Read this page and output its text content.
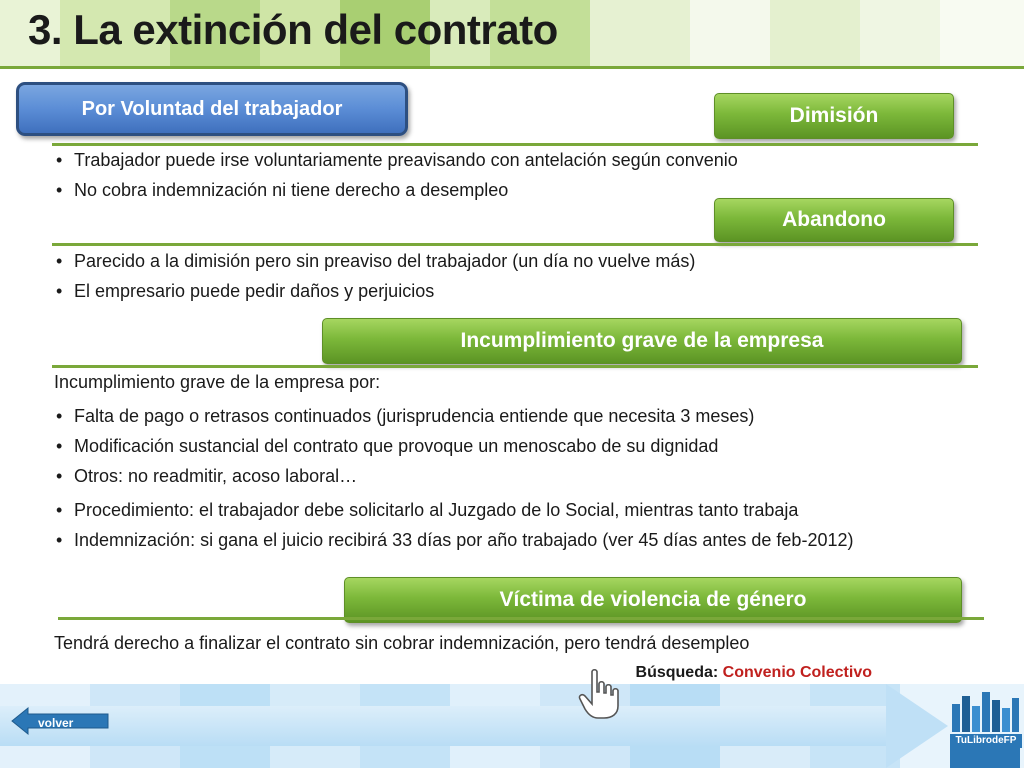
3. La extinción del contrato
Por Voluntad del trabajador	Dimisión
• Trabajador puede irse voluntariamente preavisando con antelación según convenio
• No cobra indemnización ni tiene derecho a desempleo
Abandono
• Parecido a la dimisión pero sin preaviso del trabajador (un día no vuelve más)
• El empresario puede pedir daños y perjuicios
Incumplimiento grave de la empresa
Incumplimiento grave de la empresa por:
• Falta de pago o retrasos continuados (jurisprudencia entiende que necesita 3 meses)
• Modificación sustancial del contrato que provoque un menoscabo de su dignidad
• Otros: no readmitir, acoso laboral…
• Procedimiento: el trabajador debe solicitarlo al Juzgado de lo Social, mientras tanto trabaja
• Indemnización: si gana el juicio recibirá 33 días por año trabajado (ver 45 días antes de feb-2012)
Víctima de violencia de género
Tendrá derecho a finalizar el contrato sin cobrar indemnización, pero tendrá desempleo
Búsqueda: Convenio Colectivo
volver
TuLibrodeFP
